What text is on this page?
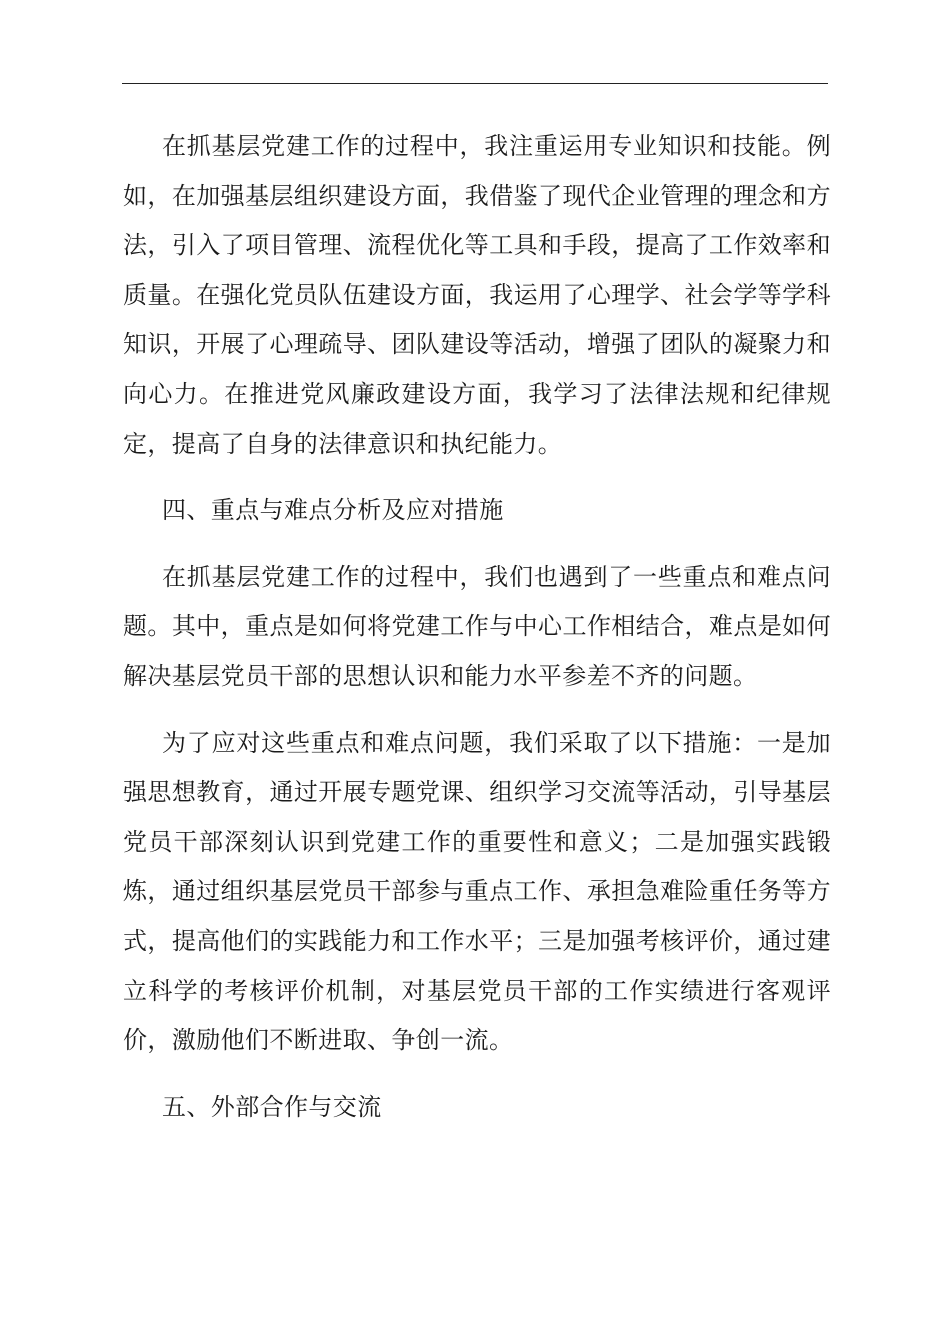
在抓基层党建工作的过程中，我注重运用专业知识和技能。例如，在加强基层组织建设方面，我借鉴了现代企业管理的理念和方法，引入了项目管理、流程优化等工具和手段，提高了工作效率和质量。在强化党员队伍建设方面，我运用了心理学、社会学等学科知识，开展了心理疏导、团队建设等活动，增强了团队的凝聚力和向心力。在推进党风廉政建设方面，我学习了法律法规和纪律规定，提高了自身的法律意识和执纪能力。

四、重点与难点分析及应对措施

在抓基层党建工作的过程中，我们也遇到了一些重点和难点问题。其中，重点是如何将党建工作与中心工作相结合，难点是如何解决基层党员干部的思想认识和能力水平参差不齐的问题。

为了应对这些重点和难点问题，我们采取了以下措施：一是加强思想教育，通过开展专题党课、组织学习交流等活动，引导基层党员干部深刻认识到党建工作的重要性和意义；二是加强实践锻炼，通过组织基层党员干部参与重点工作、承担急难险重任务等方式，提高他们的实践能力和工作水平；三是加强考核评价，通过建立科学的考核评价机制，对基层党员干部的工作实绩进行客观评价，激励他们不断进取、争创一流。

五、外部合作与交流
